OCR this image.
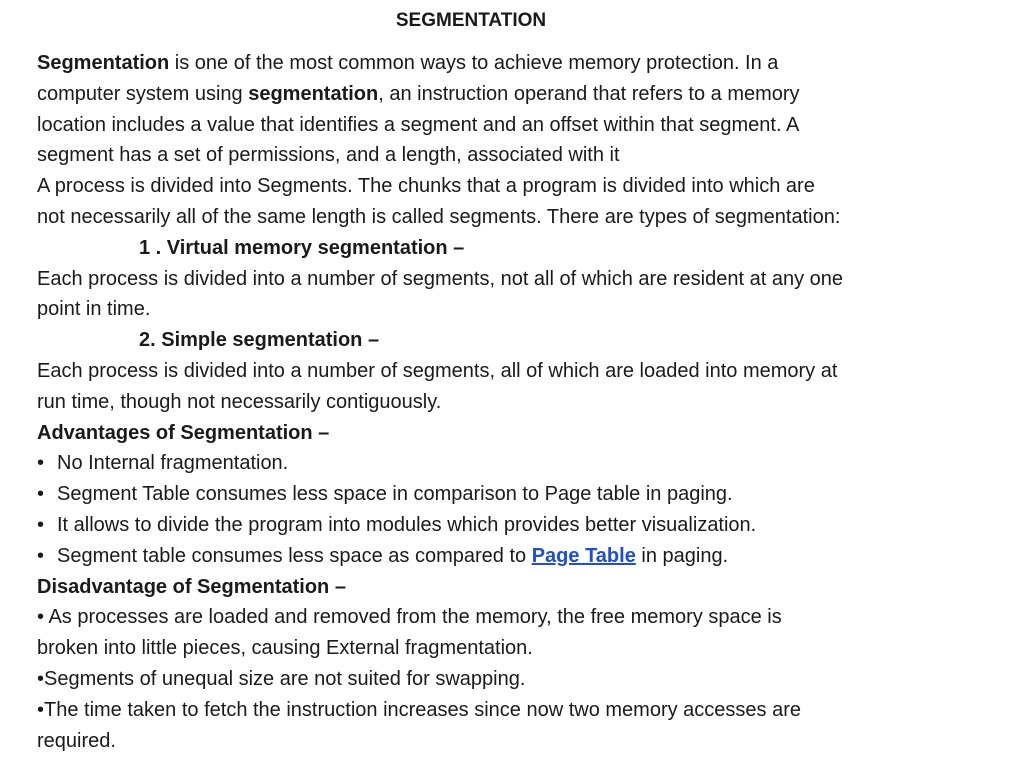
SEGMENTATION
Segmentation is one of the most common ways to achieve memory protection. In a
computer system using segmentation, an instruction operand that refers to a memory
location includes a value that identifies a segment and an offset within that segment. A
segment has a set of permissions, and a length, associated with it
A process is divided into Segments. The chunks that a program is divided into which are
not necessarily all of the same length is called segments. There are types of segmentation:
1 . Virtual memory segmentation –
Each process is divided into a number of segments, not all of which are resident at any one
point in time.
2. Simple segmentation –
Each process is divided into a number of segments, all of which are loaded into memory at
run time, though not necessarily contiguously.
Advantages of Segmentation –
• No Internal fragmentation.
• Segment Table consumes less space in comparison to Page table in paging.
• It allows to divide the program into modules which provides better visualization.
• Segment table consumes less space as compared to Page Table in paging.
Disadvantage of Segmentation –
• As processes are loaded and removed from the memory, the free memory space is
broken into little pieces, causing External fragmentation.
•Segments of unequal size are not suited for swapping.
•The time taken to fetch the instruction increases since now two memory accesses are
required.
